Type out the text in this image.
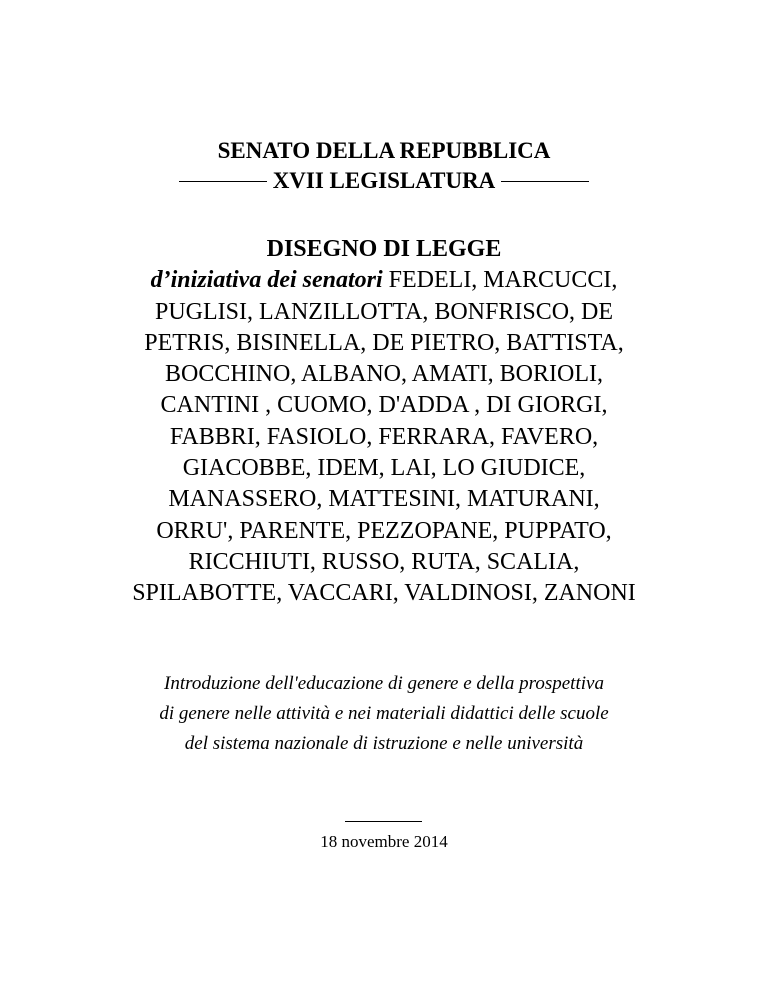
SENATO DELLA REPUBBLICA
XVII LEGISLATURA
DISEGNO DI LEGGE
d’iniziativa dei senatori FEDELI, MARCUCCI,
PUGLISI, LANZILLOTTA, BONFRISCO, DE
PETRIS, BISINELLA, DE PIETRO, BATTISTA,
BOCCHINO, ALBANO, AMATI, BORIOLI,
CANTINI , CUOMO, D'ADDA , DI GIORGI,
FABBRI, FASIOLO, FERRARA, FAVERO,
GIACOBBE, IDEM, LAI, LO GIUDICE,
MANASSERO, MATTESINI, MATURANI,
ORRU', PARENTE, PEZZOPANE, PUPPATO,
RICCHIUTI, RUSSO, RUTA, SCALIA,
SPILABOTTE, VACCARI, VALDINOSI, ZANONI
Introduzione dell'educazione di genere e della prospettiva
di genere nelle attività e nei materiali didattici delle scuole
del sistema nazionale di istruzione e nelle università
18 novembre 2014
